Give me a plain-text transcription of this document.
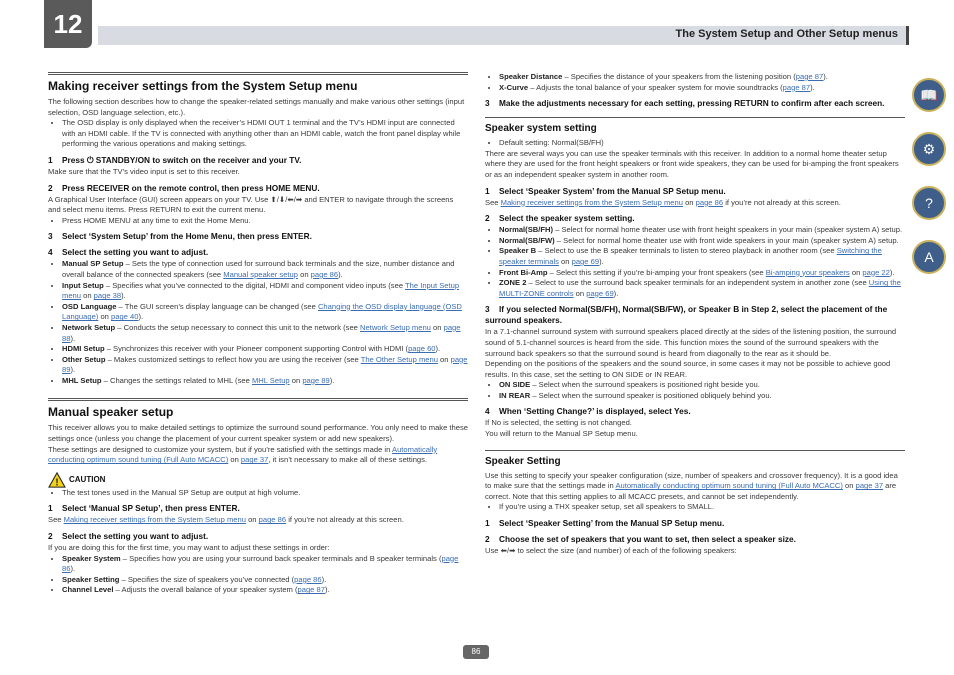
12	The System Setup and Other Setup menus
Making receiver settings from the System Setup menu

The following section describes how to change the speaker-related settings manually and make various other settings (input selection, OSD language selection, etc.).

• The OSD display is only displayed when the receiver’s HDMI OUT 1 terminal and the TV’s HDMI input are connected with an HDMI cable. If the TV is connected with anything other than an HDMI cable, watch the front panel display while performing the various operations and making settings.
1 Press ⏻ STANDBY/ON to switch on the receiver and your TV.

Make sure that the TV’s video input is set to this receiver.

2 Press RECEIVER on the remote control, then press HOME MENU.

A Graphical User Interface (GUI) screen appears on your TV. Use ⬆/⬇/⬅/➡ and ENTER to navigate through the screens and select menu items. Press RETURN to exit the current menu.

• Press HOME MENU at any time to exit the Home Menu.
3 Select ‘System Setup’ from the Home Menu, then press ENTER.
4 Select the setting you want to adjust.
• Manual SP Setup – Sets the type of connection used for surround back terminals and the size, number distance and overall balance of the connected speakers (see Manual speaker setup on page 86).
• Input Setup – Specifies what you’ve connected to the digital, HDMI and component video inputs (see The Input Setup menu on page 38).
• OSD Language – The GUI screen’s display language can be changed (see Changing the OSD display language (OSD Language) on page 40).
• Network Setup – Conducts the setup necessary to connect this unit to the network (see Network Setup menu on page 88).
• HDMI Setup – Synchronizes this receiver with your Pioneer component supporting Control with HDMI (page 60).
• Other Setup – Makes customized settings to reflect how you are using the receiver (see The Other Setup menu on page 89).
• MHL Setup – Changes the settings related to MHL (see MHL Setup on page 89).
Manual speaker setup

This receiver allows you to make detailed settings to optimize the surround sound performance. You only need to make these settings once (unless you change the placement of your current speaker system or add new speakers).

These settings are designed to customize your system, but if you’re satisfied with the settings made in Automatically conducting optimum sound tuning (Full Auto MCACC) on page 37, it isn’t necessary to make all of these settings.

! CAUTION
• The test tones used in the Manual SP Setup are output at high volume.
1 Select ‘Manual SP Setup’, then press ENTER.

See Making receiver settings from the System Setup menu on page 86 if you’re not already at this screen.

2 Select the setting you want to adjust.

If you are doing this for the first time, you may want to adjust these settings in order:

• Speaker System – Specifies how you are using your surround back speaker terminals and B speaker terminals (page 86).
• Speaker Setting – Specifies the size of speakers you’ve connected (page 86).
• Channel Level – Adjusts the overall balance of your speaker system (page 87).
• Speaker Distance – Specifies the distance of your speakers from the listening position (page 87).
• X-Curve – Adjusts the tonal balance of your speaker system for movie soundtracks (page 87).
3 Make the adjustments necessary for each setting, pressing RETURN to confirm after each screen.
Speaker system setting
• Default setting: Normal(SB/FH)

There are several ways you can use the speaker terminals with this receiver. In addition to a normal home theater setup where they are used for the front height speakers or front wide speakers, they can be used for bi-amping the front speakers or as an independent speaker system in another room.

1 Select ‘Speaker System’ from the Manual SP Setup menu.

See Making receiver settings from the System Setup menu on page 86 if you’re not already at this screen.

2 Select the speaker system setting.
• Normal(SB/FH) – Select for normal home theater use with front height speakers in your main (speaker system A) setup.
• Normal(SB/FW) – Select for normal home theater use with front wide speakers in your main (speaker system A) setup.
• Speaker B – Select to use the B speaker terminals to listen to stereo playback in another room (see Switching the speaker terminals on page 69).
• Front Bi-Amp – Select this setting if you’re bi-amping your front speakers (see Bi-amping your speakers on page 22).
• ZONE 2 – Select to use the surround back speaker terminals for an independent system in another zone (see Using the MULTI-ZONE controls on page 69).
3 If you selected Normal(SB/FH), Normal(SB/FW), or Speaker B in Step 2, select the placement of the surround speakers.

In a 7.1-channel surround system with surround speakers placed directly at the sides of the listening position, the surround sound of 5.1-channel sources is heard from the side. This function mixes the sound of the surround speakers with the surround back speakers so that the surround sound is heard from diagonally to the rear as it should be.

Depending on the positions of the speakers and the sound source, in some cases it may not be possible to achieve good results. In this case, set the setting to ON SIDE or IN REAR.

• ON SIDE – Select when the surround speakers is positioned right beside you.
• IN REAR – Select when the surround speaker is positioned obliquely behind you.
4 When ‘Setting Change?’ is displayed, select Yes.

If No is selected, the setting is not changed.

You will return to the Manual SP Setup menu.

Speaker Setting

Use this setting to specify your speaker configuration (size, number of speakers and crossover frequency). It is a good idea to make sure that the settings made in Automatically conducting optimum sound tuning (Full Auto MCACC) on page 37 are correct. Note that this setting applies to all MCACC presets, and cannot be set independently.

• If you’re using a THX speaker setup, set all speakers to SMALL.
1 Select ‘Speaker Setting’ from the Manual SP Setup menu.
2 Choose the set of speakers that you want to set, then select a speaker size.

Use ⬅/➡ to select the size (and number) of each of the following speakers:

📖
⚙
?
A
86
